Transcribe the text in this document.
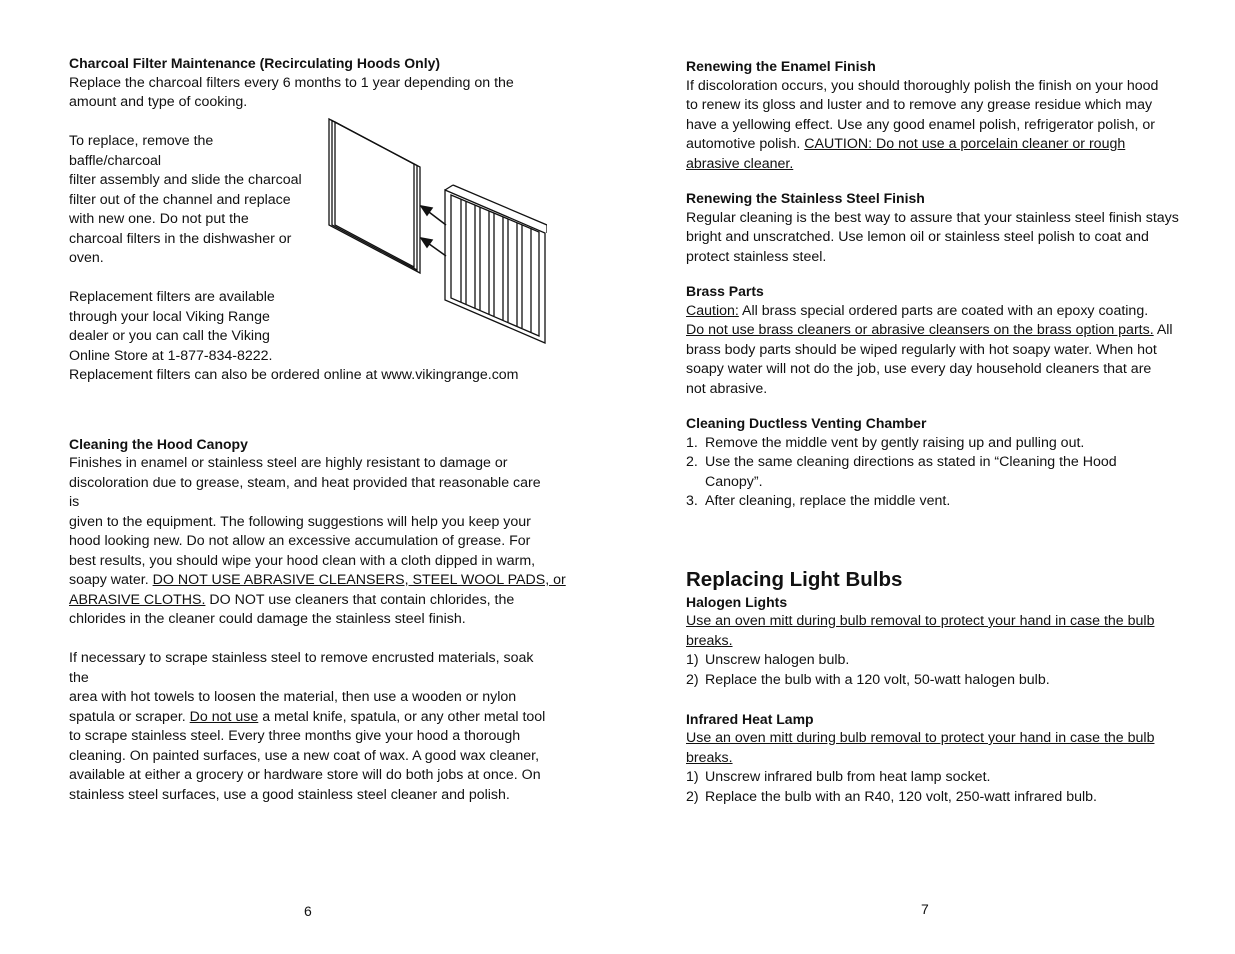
Charcoal Filter Maintenance (Recirculating Hoods Only)

Replace the charcoal filters every 6 months to 1 year depending on the

amount and type of cooking.

To replace, remove the baffle/charcoal

filter assembly and slide the charcoal

filter out of the channel and replace

with new one. Do not put the

charcoal filters in the dishwasher or

oven.

Replacement filters are available

through your local Viking Range

dealer or you can call the Viking

Online Store at 1-877-834-8222.

Replacement filters can also be ordered online at www.vikingrange.com

Cleaning the Hood Canopy

Finishes in enamel or stainless steel are highly resistant to damage or

discoloration due to grease, steam, and heat provided that reasonable care is

given to the equipment. The following suggestions will help you keep your

hood looking new. Do not allow an excessive accumulation of grease. For

best results, you should wipe your hood clean with a cloth dipped in warm,

soapy water. DO NOT USE ABRASIVE CLEANSERS, STEEL WOOL PADS, or

ABRASIVE CLOTHS. DO NOT use cleaners that contain chlorides, the

chlorides in the cleaner could damage the stainless steel finish.

If necessary to scrape stainless steel to remove encrusted materials, soak the

area with hot towels to loosen the material, then use a wooden or nylon

spatula or scraper. Do not use a metal knife, spatula, or any other metal tool

to scrape stainless steel. Every three months give your hood a thorough

cleaning. On painted surfaces, use a new coat of wax. A good wax cleaner,

available at either a grocery or hardware store will do both jobs at once. On

stainless steel surfaces, use a good stainless steel cleaner and polish.

6

Renewing the Enamel Finish

If discoloration occurs, you should thoroughly polish the finish on your hood

to renew its gloss and luster and to remove any grease residue which may

have a yellowing effect. Use any good enamel polish, refrigerator polish, or

automotive polish. CAUTION: Do not use a porcelain cleaner or rough

abrasive cleaner.

Renewing the Stainless Steel Finish

Regular cleaning is the best way to assure that your stainless steel finish stays

bright and unscratched. Use lemon oil or stainless steel polish to coat and

protect stainless steel.

Brass Parts

Caution: All brass special ordered parts are coated with an epoxy coating.

Do not use brass cleaners or abrasive cleansers on the brass option parts. All

brass body parts should be wiped regularly with hot soapy water. When hot

soapy water will not do the job, use every day household cleaners that are

not abrasive.

Cleaning Ductless Venting Chamber

1. Remove the middle vent by gently raising up and pulling out.
2. Use the same cleaning directions as stated in “Cleaning the Hood

Canopy”.

3. After cleaning, replace the middle vent.

Replacing Light Bulbs

Halogen Lights

Use an oven mitt during bulb removal to protect your hand in case the bulb

breaks.

1) Unscrew halogen bulb.
2) Replace the bulb with a 120 volt, 50-watt halogen bulb.

Infrared Heat Lamp

Use an oven mitt during bulb removal to protect your hand in case the bulb

breaks.

1) Unscrew infrared bulb from heat lamp socket.
2) Replace the bulb with an R40, 120 volt, 250-watt infrared bulb.
7
